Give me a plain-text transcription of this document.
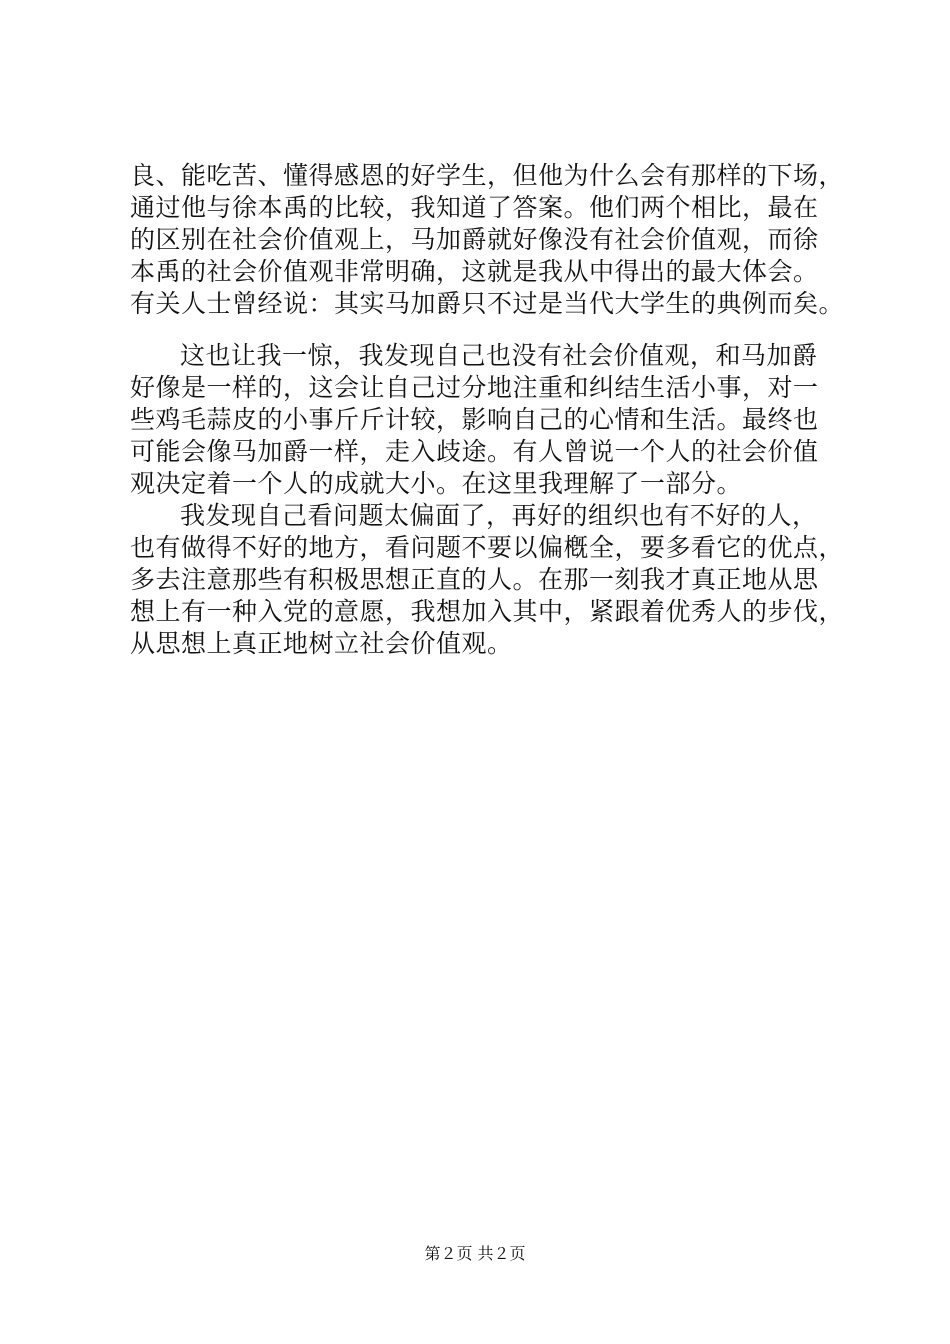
良、能吃苦、懂得感恩的好学生，但他为什么会有那样的下场，
通过他与徐本禹的比较，我知道了答案。他们两个相比，最在
的区别在社会价值观上，马加爵就好像没有社会价值观，而徐
本禹的社会价值观非常明确，这就是我从中得出的最大体会。
有关人士曾经说：其实马加爵只不过是当代大学生的典例而矣。
这也让我一惊，我发现自己也没有社会价值观，和马加爵
好像是一样的，这会让自己过分地注重和纠结生活小事，对一
些鸡毛蒜皮的小事斤斤计较，影响自己的心情和生活。最终也
可能会像马加爵一样，走入歧途。有人曾说一个人的社会价值
观决定着一个人的成就大小。在这里我理解了一部分。
我发现自己看问题太偏面了，再好的组织也有不好的人，
也有做得不好的地方，看问题不要以偏槪全，要多看它的优点，
多去注意那些有积极思想正直的人。在那一刻我才真正地从思
想上有一种入党的意愿，我想加入其中，紧跟着优秀人的步伐，
从思想上真正地树立社会价值观。
第２页 共２页
